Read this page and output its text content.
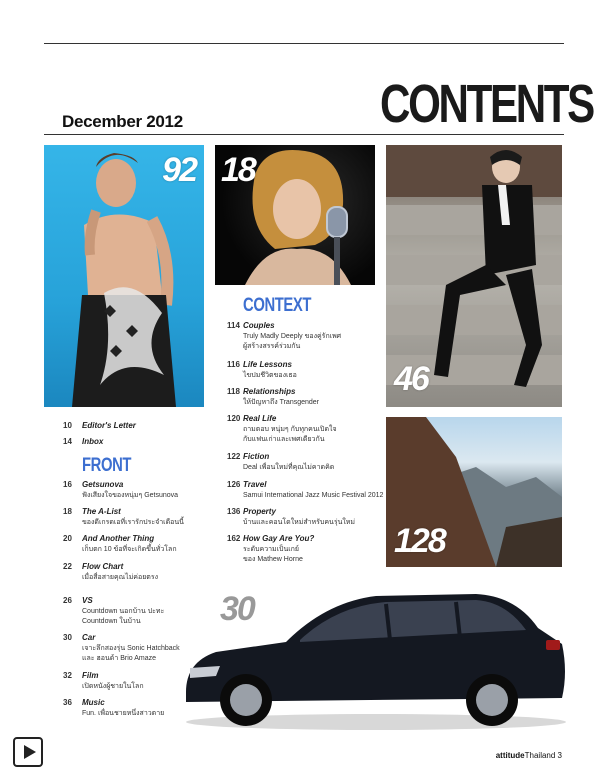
CONTENTS
December 2012
92 18
46
128
CONTEXT
114 Couples
Truly Madly Deeply ของคู่รักเพศ
ผู้สร้างสรรค์ร่วมกัน
116 Life Lessons
ไขปมชีวิตของเธอ
118 Relationships
ให้ปัญหาถึง Transgender
120 Real Life
ถามตอบ หนุ่มๆ กับทุกคนเปิดใจ
กับแฟนเก่าและเพศเดียวกัน
122 Fiction
Deal เพื่อนใหม่ที่คุณไม่คาดคิด
126 Travel
Samui International Jazz Music Festival 2012
136 Property
บ้านและคอนโดใหม่สำหรับคนรุ่นใหม่
162 How Gay Are You?
ระดับความเป็นเกย์
ของ Mathew Horne
10 Editor's Letter
14 Inbox
FRONT
16 Getsunova
ฟังเสียงใจของหนุ่มๆ Getsunova
18 The A-List
ของดีเกรดเอที่เรารักประจำเดือนนี้
20 And Another Thing
เก็บตก 10 ข้อที่จะเกิดขึ้นทั่วโลก
22 Flow Chart
เมื่อสื่อสายคุณไม่ค่อยตรง
26 VS
Countdown นอกบ้าน ปะทะ
Countdown ในบ้าน
30 Car
เจาะลึกสองรุ่น Sonic Hatchback
และ ฮอนด้า Brio Amaze
32 Film
เปิดหนังผู้ชายในโลก
36 Music
Fun. เพื่อนชายหนึ่งสาวตาย
30
attitudeThailand 3
